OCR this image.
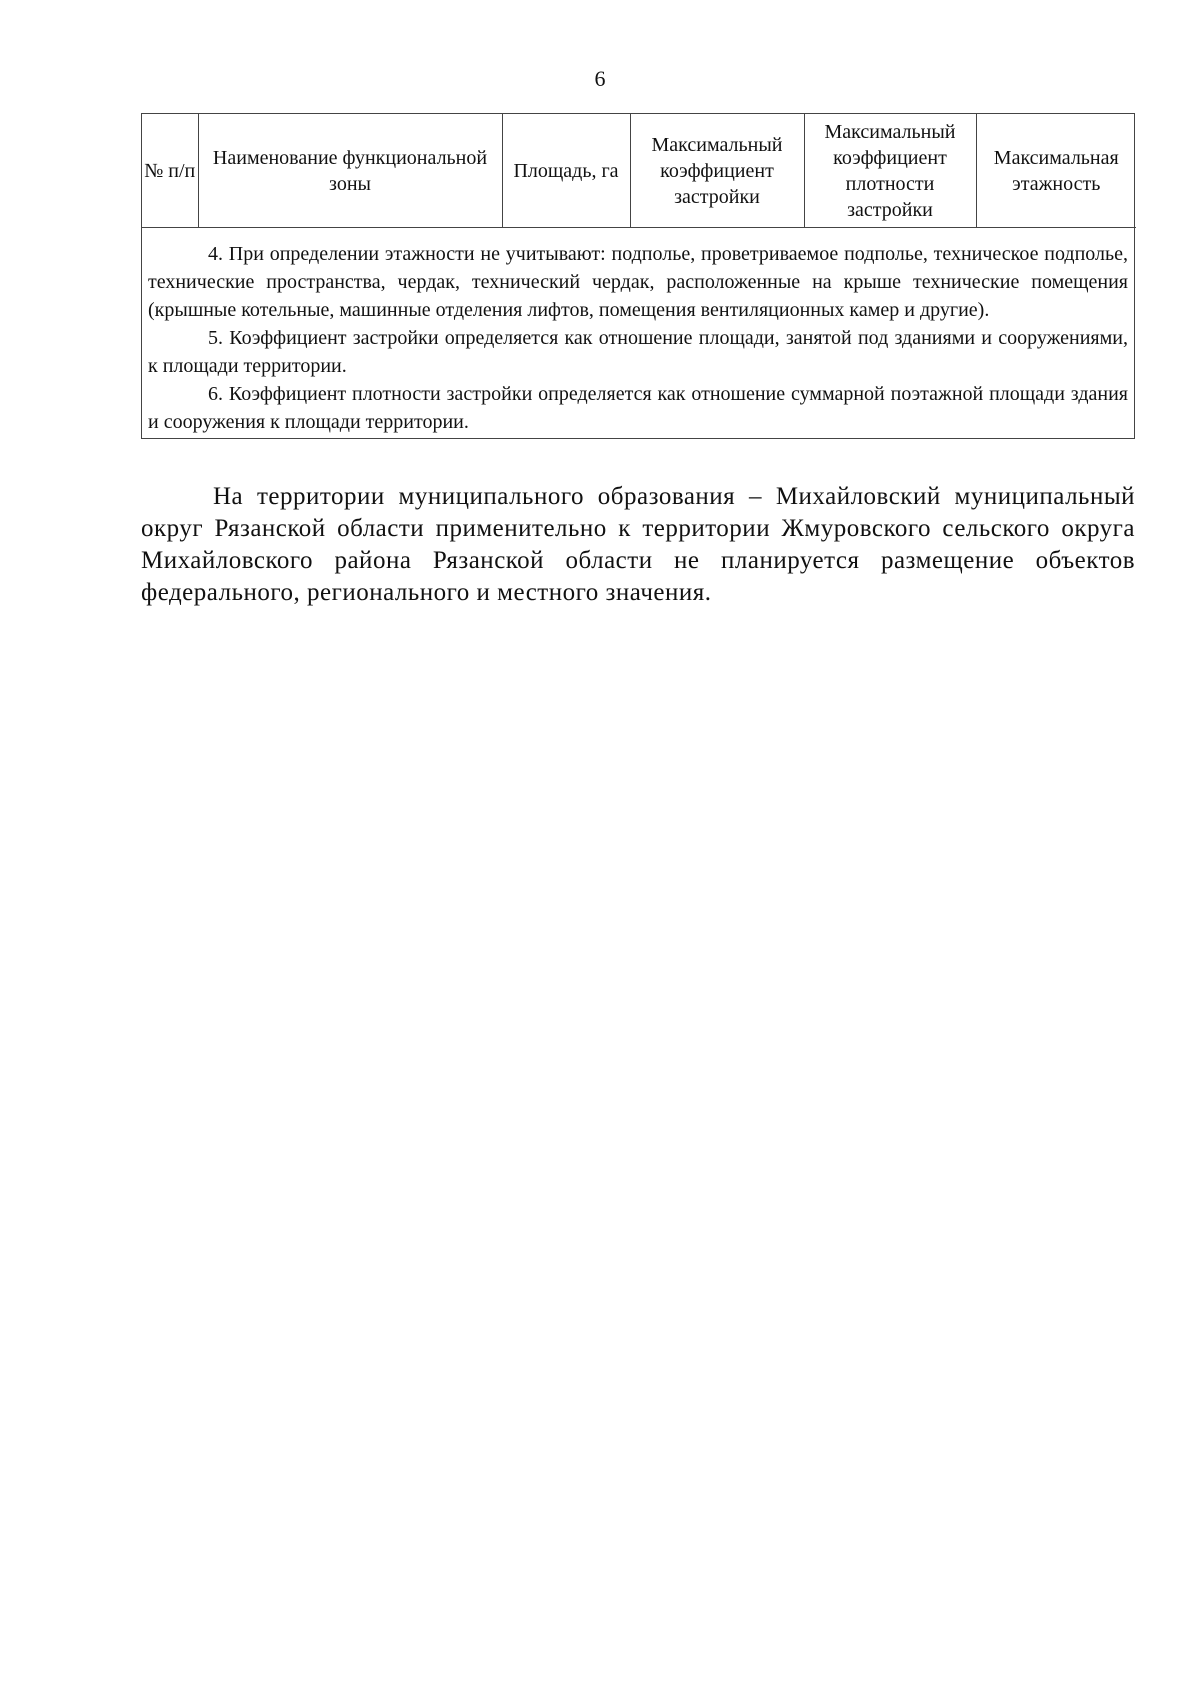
6
№ п/п	Наименование функциональной зоны	Площадь, га	Максимальный коэффициент застройки	Максимальный коэффициент плотности застройки	Максимальная этажность

4. При определении этажности не учитывают: подполье, проветриваемое подполье, техническое подполье, технические пространства, чердак, технический чердак, расположенные на крыше технические помещения (крышные котельные, машинные отделения лифтов, помещения вентиляционных камер и другие).

5. Коэффициент застройки определяется как отношение площади, занятой под зданиями и сооружениями, к площади территории.

6. Коэффициент плотности застройки определяется как отношение суммарной поэтажной площади здания и сооружения к площади территории.

На территории муниципального образования – Михайловский муниципальный округ Рязанской области применительно к территории Жмуровского сельского округа Михайловского района Рязанской области не планируется размещение объектов федерального, регионального и местного значения.
